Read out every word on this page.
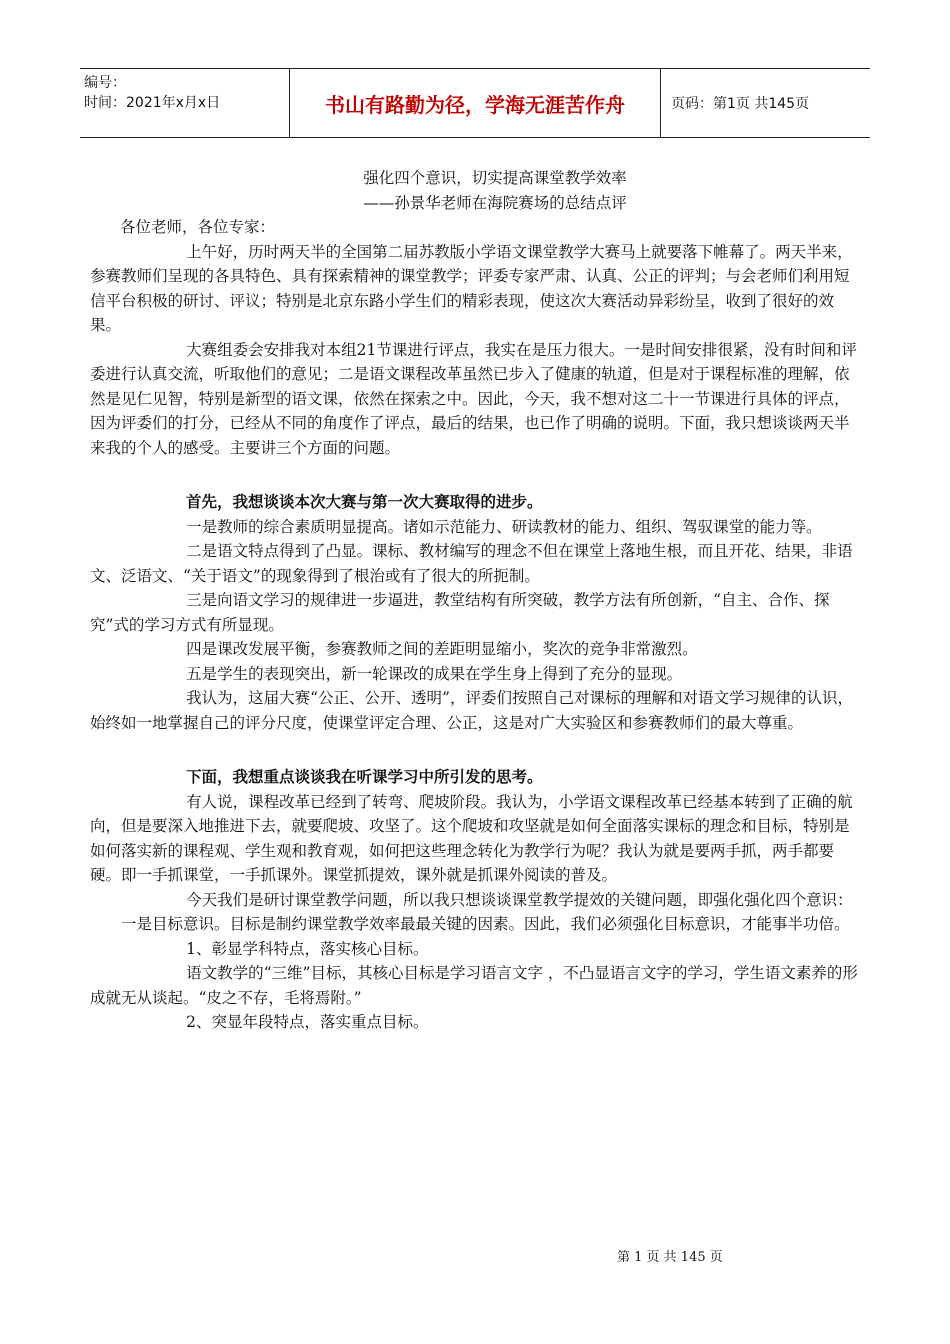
编号：
时间：2021年x月x日	书山有路勤为径，学海无涯苦作舟	页码：第1页 共145页

强化四个意识，切实提高课堂教学效率

——孙景华老师在海院赛场的总结点评

各位老师，各位专家：

上午好，历时两天半的全国第二届苏教版小学语文课堂教学大赛马上就要落下帷幕了。两天半来，参赛教师们呈现的各具特色、具有探索精神的课堂教学；评委专家严肃、认真、公正的评判；与会老师们利用短信平台积极的研讨、评议；特别是北京东路小学生们的精彩表现，使这次大赛活动异彩纷呈，收到了很好的效果。

大赛组委会安排我对本组21节课进行评点，我实在是压力很大。一是时间安排很紧，没有时间和评委进行认真交流，听取他们的意见；二是语文课程改革虽然已步入了健康的轨道，但是对于课程标准的理解，依然是见仁见智，特别是新型的语文课，依然在探索之中。因此，今天，我不想对这二十一节课进行具体的评点，因为评委们的打分，已经从不同的角度作了评点，最后的结果，也已作了明确的说明。下面，我只想谈谈两天半来我的个人的感受。主要讲三个方面的问题。

首先，我想谈谈本次大赛与第一次大赛取得的进步。

一是教师的综合素质明显提高。诸如示范能力、研读教材的能力、组织、驾驭课堂的能力等。

二是语文特点得到了凸显。课标、教材编写的理念不但在课堂上落地生根，而且开花、结果，非语文、泛语文、“关于语文”的现象得到了根治或有了很大的所扼制。

三是向语文学习的规律进一步逼进，教堂结构有所突破，教学方法有所创新，“自主、合作、探究”式的学习方式有所显现。

四是课改发展平衡，参赛教师之间的差距明显缩小，奖次的竞争非常激烈。

五是学生的表现突出，新一轮课改的成果在学生身上得到了充分的显现。

我认为，这届大赛“公正、公开、透明”，评委们按照自己对课标的理解和对语文学习规律的认识，始终如一地掌握自己的评分尺度，使课堂评定合理、公正，这是对广大实验区和参赛教师们的最大尊重。

下面，我想重点谈谈我在听课学习中所引发的思考。

有人说，课程改革已经到了转弯、爬坡阶段。我认为，小学语文课程改革已经基本转到了正确的航向，但是要深入地推进下去，就要爬坡、攻坚了。这个爬坡和攻坚就是如何全面落实课标的理念和目标，特别是如何落实新的课程观、学生观和教育观，如何把这些理念转化为教学行为呢？我认为就是要两手抓，两手都要硬。即一手抓课堂，一手抓课外。课堂抓提效，课外就是抓课外阅读的普及。

今天我们是研讨课堂教学问题，所以我只想谈谈课堂教学提效的关键问题，即强化强化四个意识：

一是目标意识。目标是制约课堂教学效率最最关键的因素。因此，我们必须强化目标意识，才能事半功倍。

1、彰显学科特点，落实核心目标。

语文教学的“三维”目标，其核心目标是学习语言文字 ，不凸显语言文字的学习，学生语文素养的形成就无从谈起。“皮之不存，毛将焉附。”

2、突显年段特点，落实重点目标。

第 1 页 共 145 页
